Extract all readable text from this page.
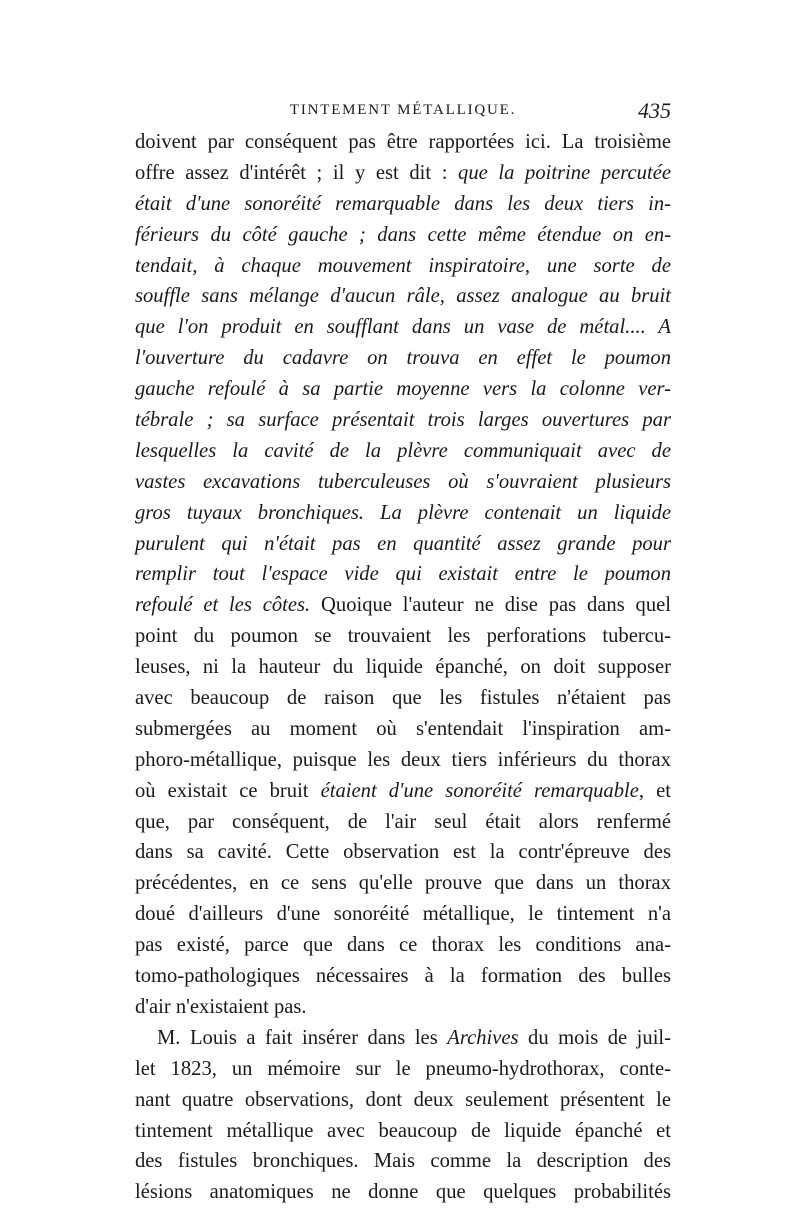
TINTEMENT MÉTALLIQUE.	435
doivent par conséquent pas être rapportées ici. La troisième
offre assez d'intérêt ; il y est dit : que la poitrine percutée
était d'une sonoréité remarquable dans les deux tiers in-
férieurs du côté gauche ; dans cette même étendue on en-
tendait, à chaque mouvement inspiratoire, une sorte de
souffle sans mélange d'aucun râle, assez analogue au bruit
que l'on produit en soufflant dans un vase de métal.... A
l'ouverture du cadavre on trouva en effet le poumon
gauche refoulé à sa partie moyenne vers la colonne ver-
tébrale ; sa surface présentait trois larges ouvertures par
lesquelles la cavité de la plèvre communiquait avec de
vastes excavations tuberculeuses où s'ouvraient plusieurs
gros tuyaux bronchiques. La plèvre contenait un liquide
purulent qui n'était pas en quantité assez grande pour
remplir tout l'espace vide qui existait entre le poumon
refoulé et les côtes. Quoique l'auteur ne dise pas dans quel
point du poumon se trouvaient les perforations tubercu-
leuses, ni la hauteur du liquide épanché, on doit supposer
avec beaucoup de raison que les fistules n'étaient pas
submergées au moment où s'entendait l'inspiration am-
phoro-métallique, puisque les deux tiers inférieurs du thorax
où existait ce bruit étaient d'une sonoréité remarquable, et
que, par conséquent, de l'air seul était alors renfermé
dans sa cavité. Cette observation est la contr'épreuve des
précédentes, en ce sens qu'elle prouve que dans un thorax
doué d'ailleurs d'une sonoréité métallique, le tintement n'a
pas existé, parce que dans ce thorax les conditions ana-
tomo-pathologiques nécessaires à la formation des bulles
d'air n'existaient pas.
M. Louis a fait insérer dans les Archives du mois de juil-
let 1823, un mémoire sur le pneumo-hydrothorax, conte-
nant quatre observations, dont deux seulement présentent le
tintement métallique avec beaucoup de liquide épanché et
des fistules bronchiques. Mais comme la description des
lésions anatomiques ne donne que quelques probabilités
